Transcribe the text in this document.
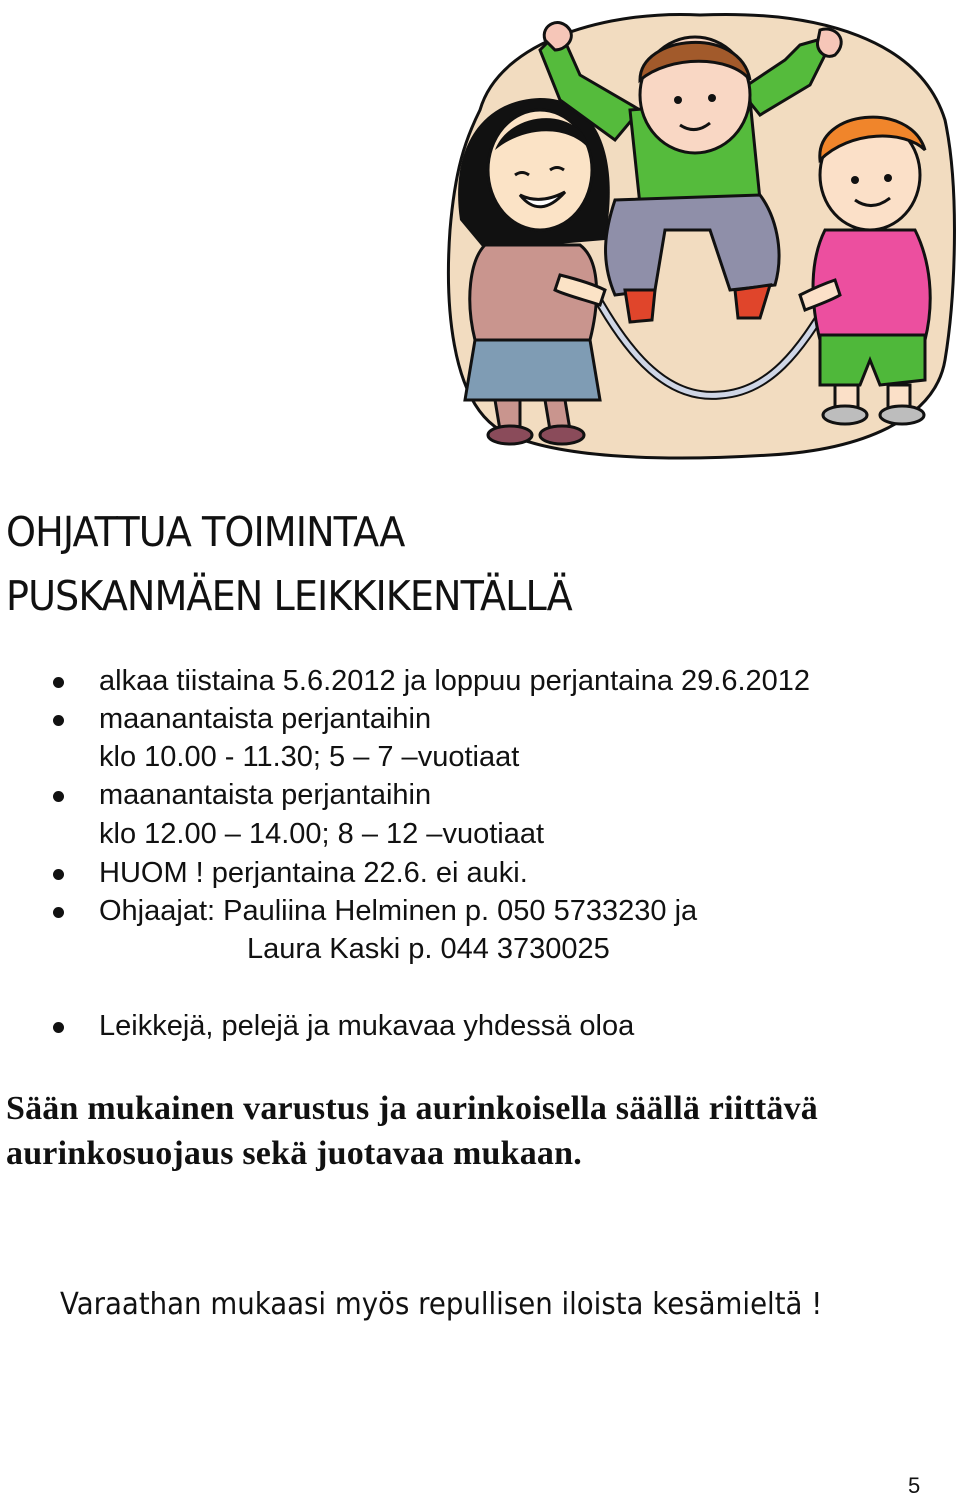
OHJATTUA TOIMINTAA
PUSKANMÄEN LEIKKIKENTÄLLÄ
alkaa tiistaina 5.6.2012 ja loppuu perjantaina 29.6.2012
maanantaista perjantaihin
klo 10.00 - 11.30; 5 – 7 –vuotiaat
maanantaista perjantaihin
klo 12.00 – 14.00; 8 – 12 –vuotiaat
HUOM ! perjantaina 22.6. ei auki.
Ohjaajat: Pauliina Helminen p. 050 5733230 ja
Laura Kaski p. 044 3730025
Leikkejä, pelejä ja mukavaa yhdessä oloa
Sään mukainen varustus ja aurinkoisella säällä riittävä
aurinkosuojaus sekä juotavaa mukaan.
Varaathan mukaasi myös repullisen iloista kesämieltä !
5
